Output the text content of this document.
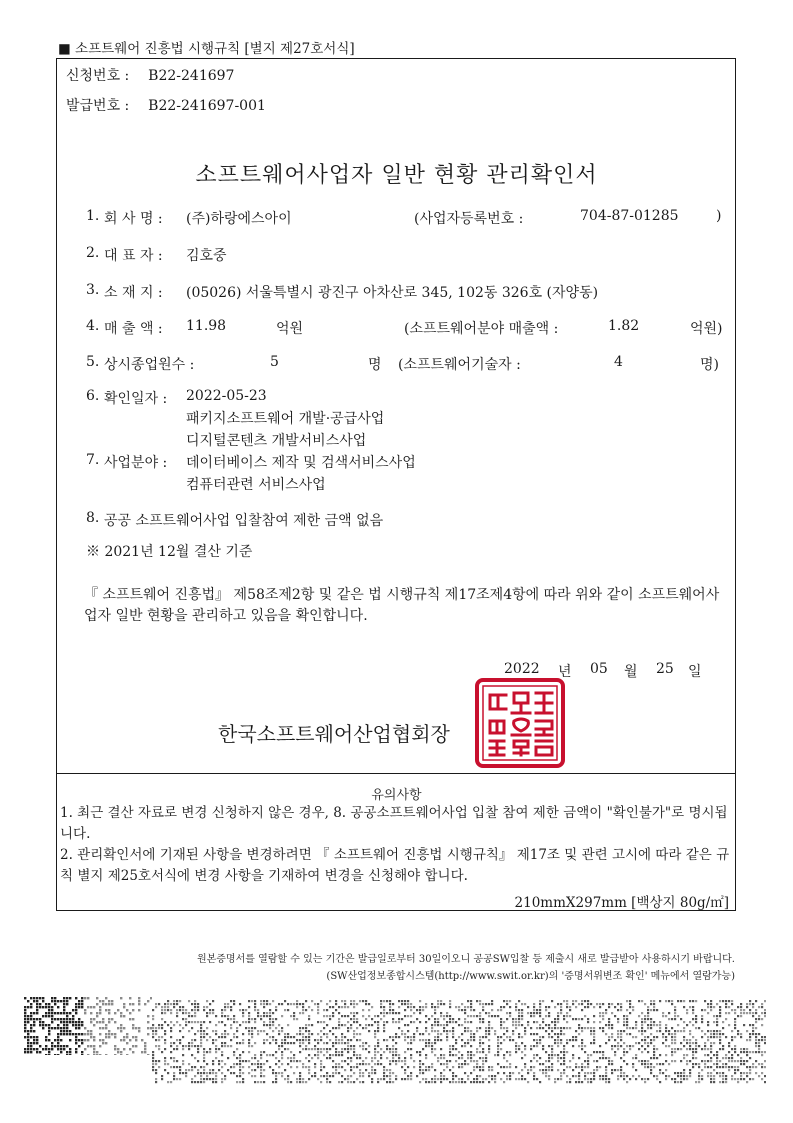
■ 소프트웨어 진흥법 시행규칙 [별지 제27호서식]
신청번호 : B22-241697
발급번호 : B22-241697-001
소프트웨어사업자 일반 현황 관리확인서
1. 회 사 명 : (주)하랑에스아이	(사업자등록번호 :	704-87-01285	)
2. 대 표 자 : 김호중
3. 소 재 지 : (05026) 서울특별시 광진구 아차산로 345, 102동 326호 (자양동)
4. 매 출 액 : 11.98	억원	(소프트웨어분야 매출액 :	1.82	억원)
5. 상시종업원수 :	5	명 (소프트웨어기술자 :	4	명)
6. 확인일자 : 2022-05-23
패키지소프트웨어 개발·공급사업
디지털콘텐츠 개발서비스사업
7. 사업분야 : 데이터베이스 제작 및 검색서비스사업
컴퓨터관련 서비스사업
8. 공공 소프트웨어사업 입찰참여 제한 금액 없음
※ 2021년 12월 결산 기준
『 소프트웨어 진흥법』 제58조제2항 및 같은 법 시행규칙 제17조제4항에 따라 위와 같이 소프트웨어사업자 일반 현황을 관리하고 있음을 확인합니다.
2022 년 05 월 25 일
한국소프트웨어산업협회장
유의사항
1. 최근 결산 자료로 변경 신청하지 않은 경우, 8. 공공소프트웨어사업 입찰 참여 제한 금액이 "확인불가"로 명시됩니다.
2. 관리확인서에 기재된 사항을 변경하려면 『 소프트웨어 진흥법 시행규칙』 제17조 및 관련 고시에 따라 같은 규칙 별지 제25호서식에 변경 사항을 기재하여 변경을 신청해야 합니다.
210mmX297mm [백상지 80g/㎡]
원본증명서를 열람할 수 있는 기간은 발급일로부터 30일이오니 공공SW입찰 등 제출시 새로 발급받아 사용하시기 바랍니다.
(SW산업정보종합시스템(http://www.swit.or.kr)의 '증명서위변조 확인' 메뉴에서 열람가능)
